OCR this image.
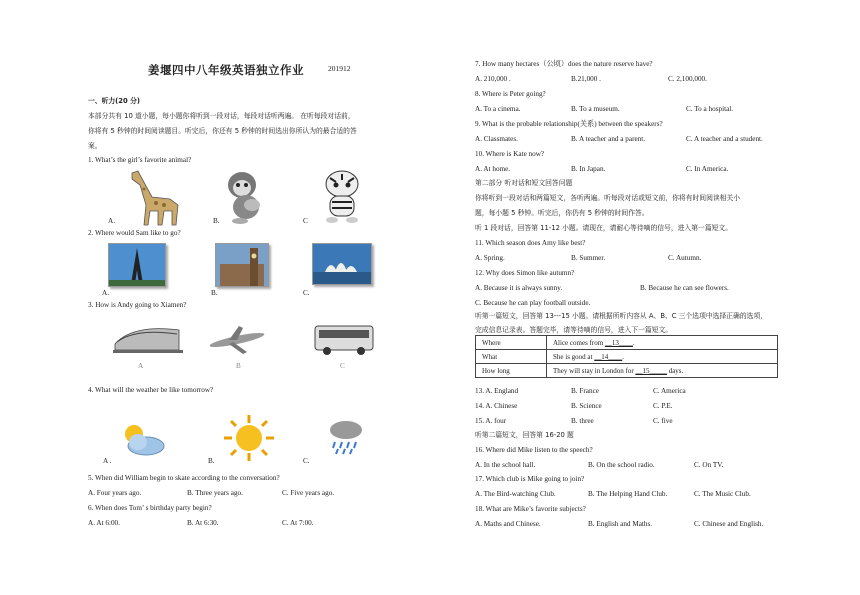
姜堰四中八年级英语独立作业	201912
一、听力(20 分)
本部分共有 10 道小题，每小题你将听到一段对话，每段对话听两遍。 在听每段对话前，
你将有 5 秒钟的时间阅读题目。听完后，你还有 5 秒钟的时间选出你所认为的最合适的答
案。
1. What’s the girl’s favorite animal?
A.	B.	C
2. Where would Sam like to go?
A.	B.	C.
3. How is Andy going to Xiamen?
A	B	C
4. What will the weather be like tomorrow?
A .	B.	C.
5. When did William begin to skate according to the conversation?
A. Four years ago.	B. Three years ago.	C. Five years ago.
6. When does Tom’ s birthday party begin?
A. At 6:00.	B. At 6:30.	C. At 7:00.
7. How many hectares（公顷）does the nature reserve have?
A. 210,000 .	B.21,000 .	C. 2,100,000.
8. Where is Peter going?
A. To a cinema.	B. To a museum.	C. To a hospital.
9. What is the probable relationship(关系) between the speakers?
A. Classmates.	B. A teacher and a parent.	C. A teacher and a student.
10. Where is Kate now?
A. At home.	B. In Japan.	C. In America.
第二部分 听对话和短文回答问题
你将听到一段对话和两篇短文，各听两遍。听每段对话或短文前，你将有时间阅读相关小
题，每小题 5 秒钟。听完后，你仍有 5 秒钟的时间作答。
听 1 段对话，回答第 11-12 小题。请现在，请耐心等待嘀的信号，进入第一篇短文。
11. Which season does Amy like best?
A. Spring.	B. Summer.	C. Autumn.
12. Why does Simon like autumn?
A. Because it is always sunny.	B. Because he can see flowers.
C. Because he can play football outside.
听第一篇短文，回答第 13---15 小题。请根据所听内容从 A、B、C 三个选项中选择正确的选项，
完成信息记录表。答题完毕，请等待嘀的信号，进入下一篇短文。
Where	Alice comes from __13____.
What	She is good at __14____.
How long	They will stay in London for __15_____ days.
13. A. England	B. France	C. America
14. A. Chinese	B. Science	C. P.E.
15. A. four	B. three	C. five
听第二篇短文，回答第 16-20 题
16. Where did Mike listen to the speech?
A. In the school hall.	B. On the school radio.	C. On TV.
17. Which club is Mike going to join?
A. The Bird-watching Club.	B. The Helping Hand Club.	C. The Music Club.
18. What are Mike’s favorite subjects?
A. Maths and Chinese.	B. English and Maths.	C. Chinese and English.
